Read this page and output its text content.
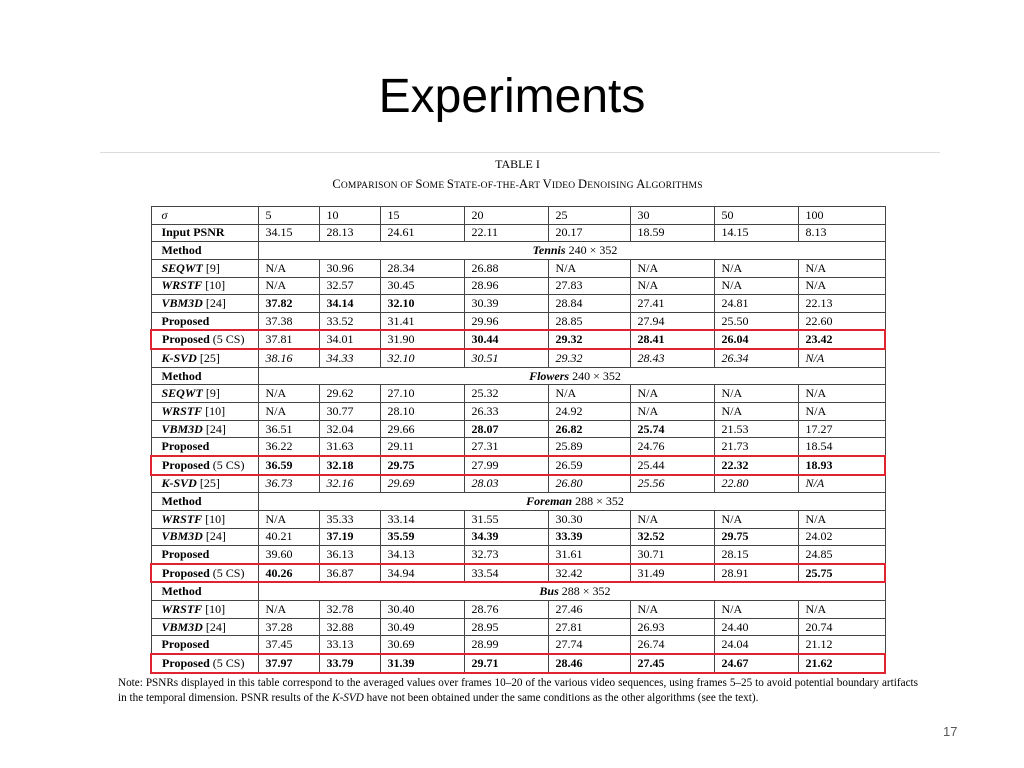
Experiments

TABLE I

COMPARISON OF SOME STATE-OF-THE-ART VIDEO DENOISING ALGORITHMS

σ	5	10	15	20	25	30	50	100
Input PSNR	34.15	28.13	24.61	22.11	20.17	18.59	14.15	8.13
Method	Tennis 240 × 352							
SEQWT [9]	N/A	30.96	28.34	26.88	N/A	N/A	N/A	N/A
WRSTF [10]	N/A	32.57	30.45	28.96	27.83	N/A	N/A	N/A
VBM3D [24]	37.82	34.14	32.10	30.39	28.84	27.41	24.81	22.13
Proposed	37.38	33.52	31.41	29.96	28.85	27.94	25.50	22.60
Proposed (5 CS)	37.81	34.01	31.90	30.44	29.32	28.41	26.04	23.42
K-SVD [25]	38.16	34.33	32.10	30.51	29.32	28.43	26.34	N/A
Method	Flowers 240 × 352							
SEQWT [9]	N/A	29.62	27.10	25.32	N/A	N/A	N/A	N/A
WRSTF [10]	N/A	30.77	28.10	26.33	24.92	N/A	N/A	N/A
VBM3D [24]	36.51	32.04	29.66	28.07	26.82	25.74	21.53	17.27
Proposed	36.22	31.63	29.11	27.31	25.89	24.76	21.73	18.54
Proposed (5 CS)	36.59	32.18	29.75	27.99	26.59	25.44	22.32	18.93
K-SVD [25]	36.73	32.16	29.69	28.03	26.80	25.56	22.80	N/A
Method	Foreman 288 × 352							
WRSTF [10]	N/A	35.33	33.14	31.55	30.30	N/A	N/A	N/A
VBM3D [24]	40.21	37.19	35.59	34.39	33.39	32.52	29.75	24.02
Proposed	39.60	36.13	34.13	32.73	31.61	30.71	28.15	24.85
Proposed (5 CS)	40.26	36.87	34.94	33.54	32.42	31.49	28.91	25.75
Method	Bus 288 × 352							
WRSTF [10]	N/A	32.78	30.40	28.76	27.46	N/A	N/A	N/A
VBM3D [24]	37.28	32.88	30.49	28.95	27.81	26.93	24.40	20.74
Proposed	37.45	33.13	30.69	28.99	27.74	26.74	24.04	21.12
Proposed (5 CS)	37.97	33.79	31.39	29.71	28.46	27.45	24.67	21.62

Note: PSNRs displayed in this table correspond to the averaged values over frames 10–20 of the various video sequences, using frames 5–25 to avoid potential boundary artifacts in the temporal dimension. PSNR results of the K-SVD have not been obtained under the same conditions as the other algorithms (see the text).

17
